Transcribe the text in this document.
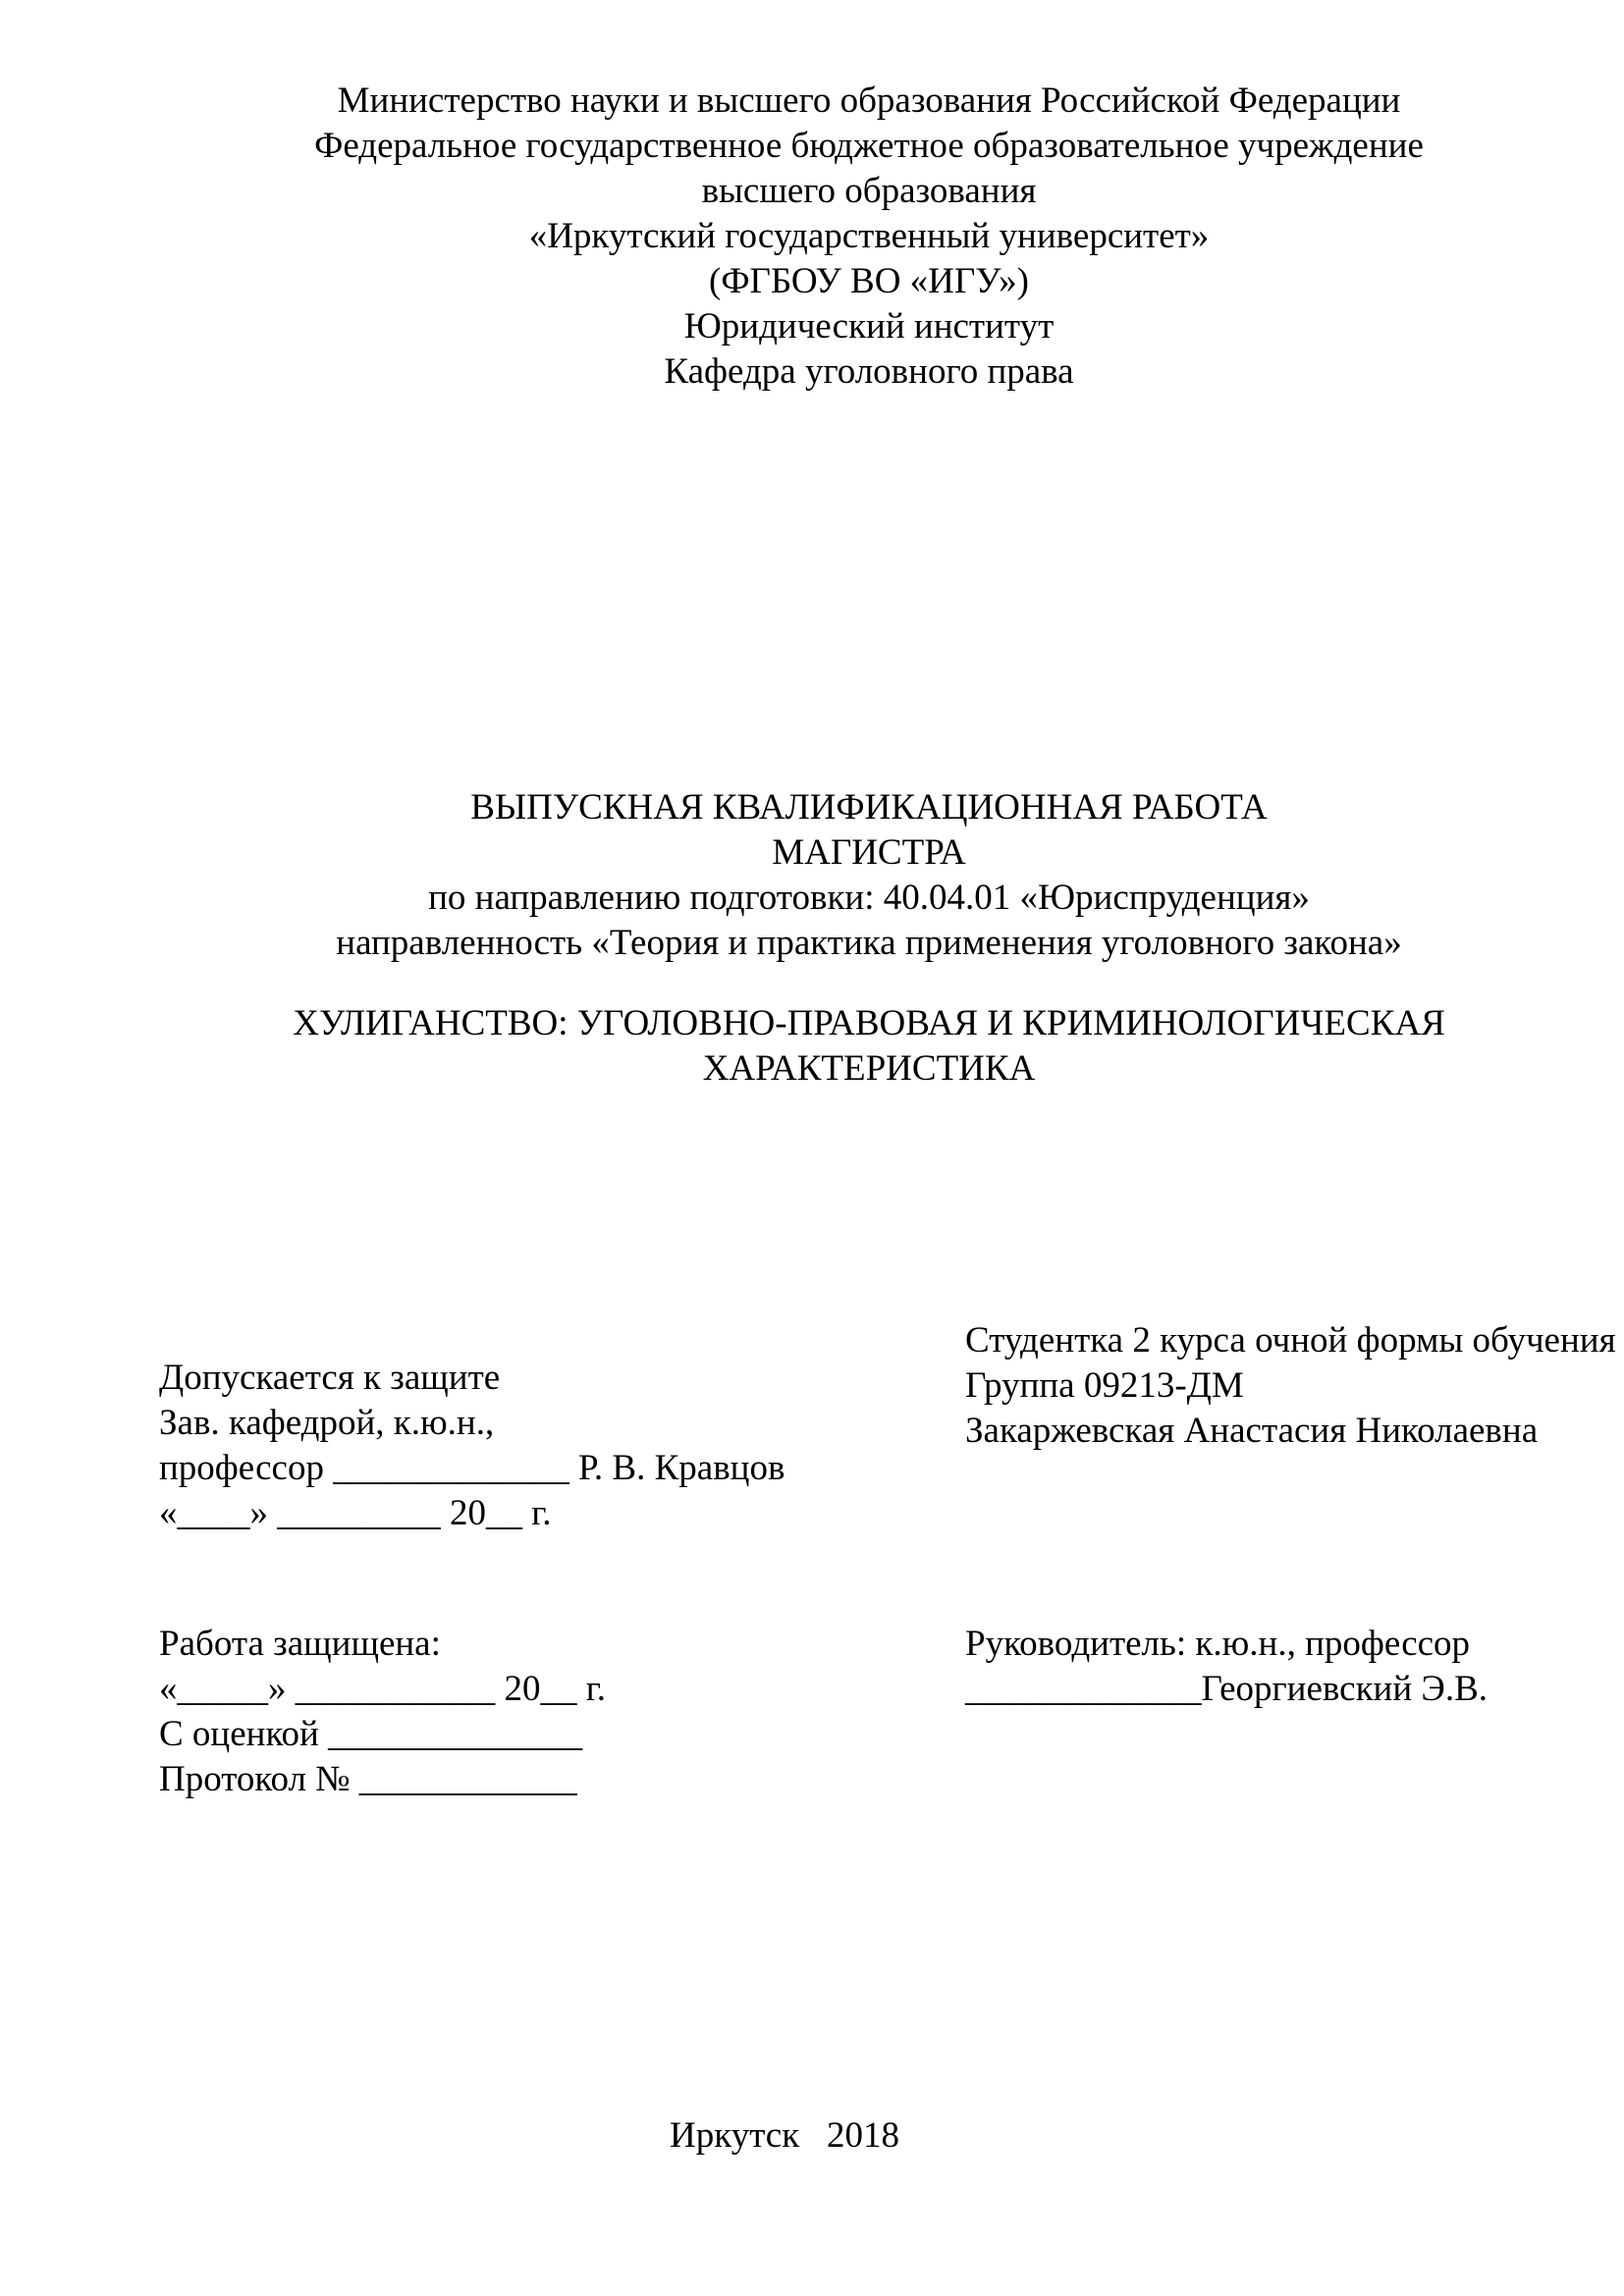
Министерство науки и высшего образования Российской Федерации
Федеральное государственное бюджетное образовательное учреждение
высшего образования
«Иркутский государственный университет»
(ФГБОУ ВО «ИГУ»)
Юридический институт
Кафедра уголовного права
ВЫПУСКНАЯ КВАЛИФИКАЦИОННАЯ РАБОТА
МАГИСТРА
по направлению подготовки: 40.04.01 «Юриспруденция»
направленность «Теория и практика применения уголовного закона»
ХУЛИГАНСТВО: УГОЛОВНО-ПРАВОВАЯ И КРИМИНОЛОГИЧЕСКАЯ
ХАРАКТЕРИСТИКА
Студентка 2 курса очной формы обучения
Группа 09213-ДМ
Закаржевская Анастасия Николаевна
Допускается к защите
Зав. кафедрой, к.ю.н.,
профессор _____________ Р. В. Кравцов
«____» _________ 20__ г.
Работа защищена:
«_____» ___________ 20__ г.
С оценкой ______________
Протокол № ____________
Руководитель: к.ю.н., профессор
_____________Георгиевский Э.В.
Иркутск   2018
